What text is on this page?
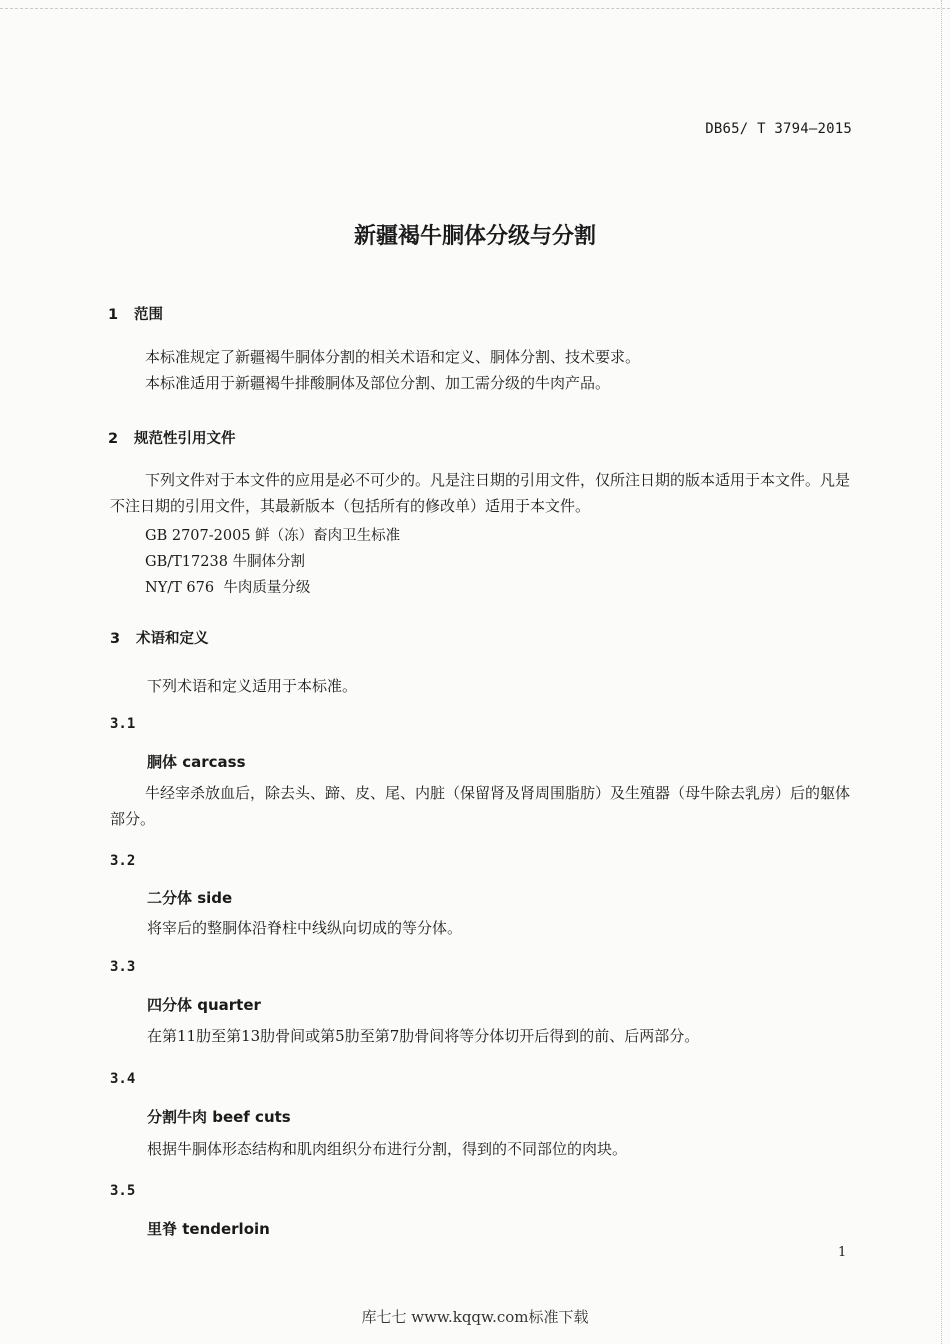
DB65/ T 3794—2015
新疆褐牛胴体分级与分割
1 范围

本标准规定了新疆褐牛胴体分割的相关术语和定义、胴体分割、技术要求。

本标准适用于新疆褐牛排酸胴体及部位分割、加工需分级的牛肉产品。

2 规范性引用文件

下列文件对于本文件的应用是必不可少的。凡是注日期的引用文件，仅所注日期的版本适用于本文件。凡是不注日期的引用文件，其最新版本（包括所有的修改单）适用于本文件。

GB 2707-2005 鲜（冻）畜肉卫生标准

GB/T17238 牛胴体分割

NY/T 676  牛肉质量分级

3 术语和定义

下列术语和定义适用于本标准。

3.1
胴体 carcass

牛经宰杀放血后，除去头、蹄、皮、尾、内脏（保留肾及肾周围脂肪）及生殖器（母牛除去乳房）后的躯体部分。

3.2
二分体 side

将宰后的整胴体沿脊柱中线纵向切成的等分体。

3.3
四分体 quarter

在第11肋至第13肋骨间或第5肋至第7肋骨间将等分体切开后得到的前、后两部分。

3.4
分割牛肉 beef cuts

根据牛胴体形态结构和肌肉组织分布进行分割，得到的不同部位的肉块。

3.5
里脊 tenderloin
1
库七七 www.kqqw.com标准下载
